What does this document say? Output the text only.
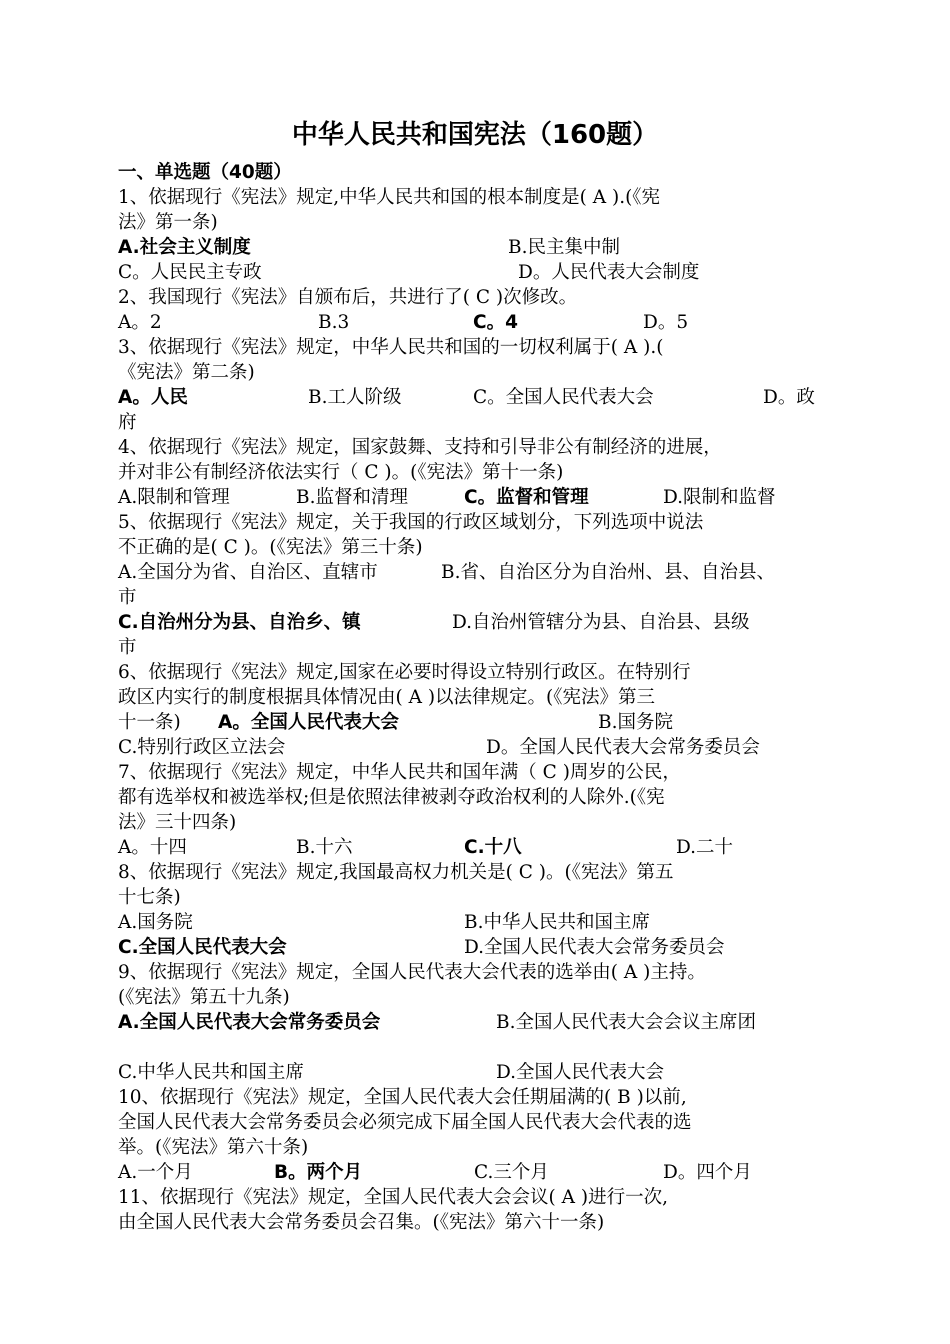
中华人民共和国宪法（160题）
一、单选题（40题）
1、依据现行《宪法》规定,中华人民共和国的根本制度是( A ).(《宪
法》第一条)
A.社会主义制度	B.民主集中制
C。人民民主专政	D。人民代表大会制度
2、我国现行《宪法》自颁布后，共进行了( C )次修改。
A。2	B.3	C。4	D。5
3、依据现行《宪法》规定，中华人民共和国的一切权利属于( A ).(
《宪法》第二条)
A。人民	B.工人阶级	C。全国人民代表大会	D。政
府
4、依据现行《宪法》规定，国家鼓舞、支持和引导非公有制经济的进展，
并对非公有制经济依法实行（ C )。(《宪法》第十一条)
A.限制和管理	B.监督和清理	C。监督和管理	D.限制和监督
5、依据现行《宪法》规定，关于我国的行政区域划分，下列选项中说法
不正确的是( C )。(《宪法》第三十条)
A.全国分为省、自治区、直辖市	B.省、自治区分为自治州、县、自治县、
市
C.自治州分为县、自治乡、镇	D.自治州管辖分为县、自治县、县级
市
6、依据现行《宪法》规定,国家在必要时得设立特别行政区。在特别行
政区内实行的制度根据具体情况由( A )以法律规定。(《宪法》第三
十一条) A。全国人民代表大会	B.国务院
C.特别行政区立法会	D。全国人民代表大会常务委员会
7、依据现行《宪法》规定，中华人民共和国年满（ C )周岁的公民，
都有选举权和被选举权;但是依照法律被剥夺政治权利的人除外.(《宪
法》三十四条)
A。十四	B.十六	C.十八	D.二十
8、依据现行《宪法》规定,我国最高权力机关是( C )。(《宪法》第五
十七条)
A.国务院	B.中华人民共和国主席
C.全国人民代表大会	D.全国人民代表大会常务委员会
9、依据现行《宪法》规定，全国人民代表大会代表的选举由( A )主持。
(《宪法》第五十九条)
A.全国人民代表大会常务委员会	B.全国人民代表大会会议主席团
C.中华人民共和国主席	D.全国人民代表大会
10、依据现行《宪法》规定，全国人民代表大会任期届满的( B )以前,
全国人民代表大会常务委员会必须完成下届全国人民代表大会代表的选
举。(《宪法》第六十条)
A.一个月	B。两个月	C.三个月	D。四个月
11、依据现行《宪法》规定，全国人民代表大会会议( A )进行一次,
由全国人民代表大会常务委员会召集。(《宪法》第六十一条)
